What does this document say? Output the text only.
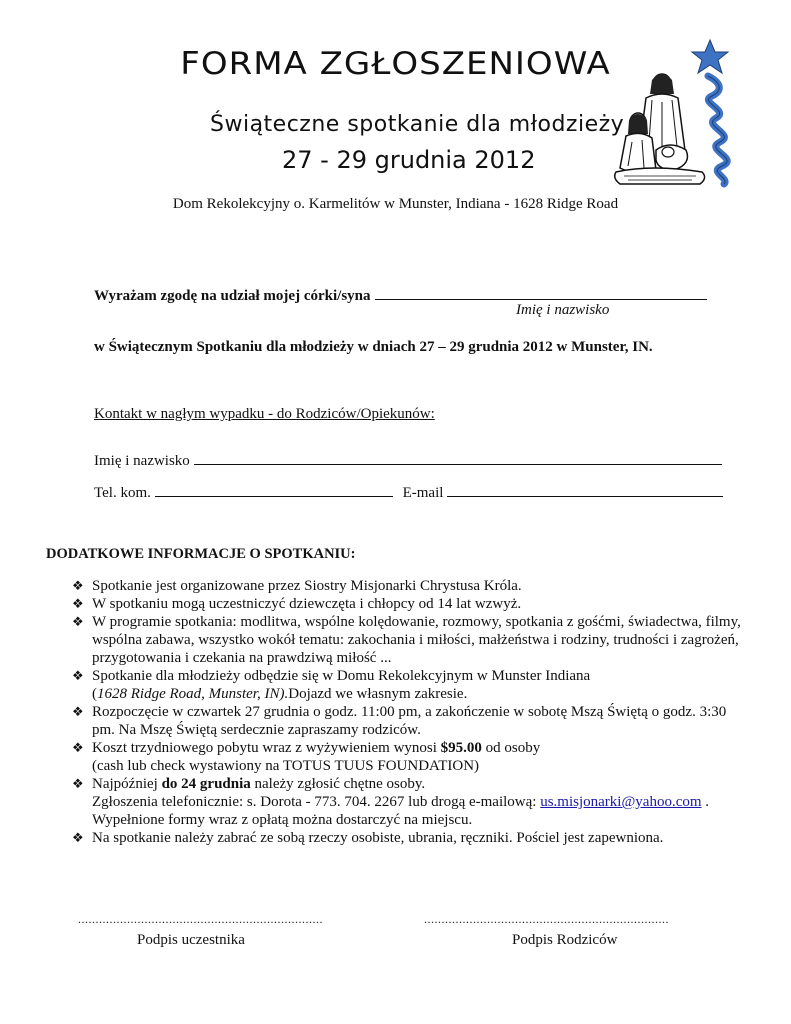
FORMA ZGŁOSZENIOWA
Świąteczne spotkanie dla młodzieży
27 - 29 grudnia 2012
Dom Rekolekcyjny o. Karmelitów w Munster, Indiana - 1628 Ridge Road
Wyrażam zgodę na udział mojej córki/syna
Imię i nazwisko
w Świątecznym Spotkaniu dla młodzieży w dniach 27 – 29 grudnia 2012 w Munster, IN.
Kontakt w nagłym wypadku - do Rodziców/Opiekunów:
Imię i nazwisko
Tel. kom.	E-mail
DODATKOWE INFORMACJE O SPOTKANIU:
❖ Spotkanie jest organizowane przez Siostry Misjonarki Chrystusa Króla.
❖ W spotkaniu mogą uczestniczyć dziewczęta i chłopcy od 14 lat wzwyż.
❖ W programie spotkania: modlitwa, wspólne kolędowanie, rozmowy, spotkania z gośćmi, świadectwa, filmy, wspólna zabawa, wszystko wokół tematu: zakochania i miłości, małżeństwa i rodziny, trudności i zagrożeń, przygotowania i czekania na prawdziwą miłość ...
❖ Spotkanie dla młodzieży odbędzie się w Domu Rekolekcyjnym w Munster Indiana
(1628 Ridge Road, Munster, IN).Dojazd we własnym zakresie.
❖ Rozpoczęcie w czwartek 27 grudnia o godz. 11:00 pm, a zakończenie w sobotę Mszą Świętą o godz. 3:30 pm. Na Mszę Świętą serdecznie zapraszamy rodziców.
❖ Koszt trzydniowego pobytu wraz z wyżywieniem wynosi $95.00 od osoby
(cash lub check wystawiony na TOTUS TUUS FOUNDATION)
❖ Najpóźniej do 24 grudnia należy zgłosić chętne osoby.
Zgłoszenia telefonicznie: s. Dorota - 773. 704. 2267 lub drogą e-mailową: us.misjonarki@yahoo.com .
Wypełnione formy wraz z opłatą można dostarczyć na miejscu.
❖ Na spotkanie należy zabrać ze sobą rzeczy osobiste, ubrania, ręczniki. Pościel jest zapewniona.
......................................................................	......................................................................
Podpis uczestnika	Podpis Rodziców
